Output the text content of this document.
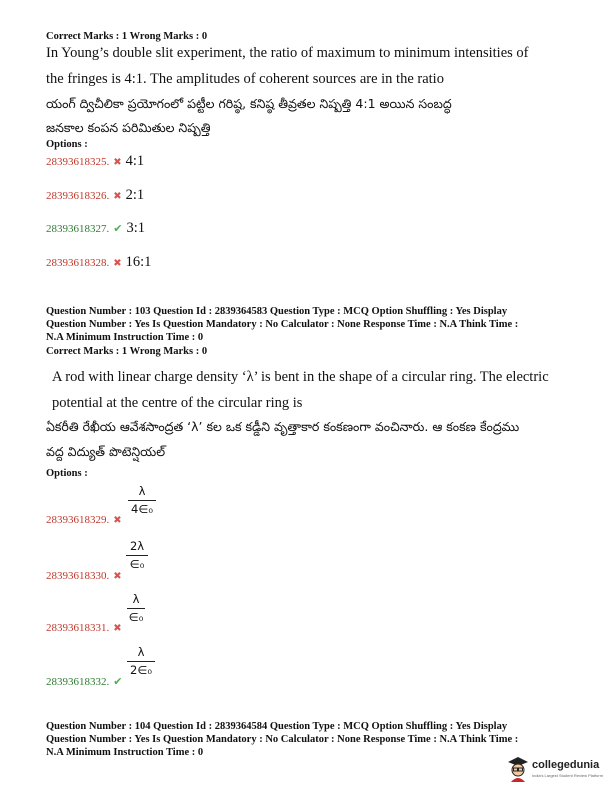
Correct Marks : 1 Wrong Marks : 0
In Young’s double slit experiment, the ratio of maximum to minimum intensities of
the fringes is 4:1. The amplitudes of coherent sources are in the ratio
యంగ్ ద్విచీలికా ప్రయోగంలో పట్టీల గరిష్ఠ, కనిష్ఠ తీవ్రతల నిష్పత్తి 4:1 అయిన సంబద్ధ
జనకాల కంపన పరిమితుల నిష్పత్తి
Options :
28393618325. ✖ 4:1
28393618326. ✖ 2:1
28393618327. ✔ 3:1
28393618328. ✖ 16:1
Question Number : 103 Question Id : 2839364583 Question Type : MCQ Option Shuffling : Yes Display
Question Number : Yes Is Question Mandatory : No Calculator : None Response Time : N.A Think Time :
N.A Minimum Instruction Time : 0
Correct Marks : 1 Wrong Marks : 0
A rod with linear charge density ‘λ’ is bent in the shape of a circular ring. The electric
potential at the centre of the circular ring is
ఏకరీతి రేఖీయ ఆవేశసాంద్రత ‘λ’ కల ఒక కడ్డీని వృత్తాకార కంకణంగా వంచినారు. ఆ కంకణ కేంద్రము
వద్ద విద్యుత్ పొటెన్షియల్
Options :
28393618329. ✖
λ
4∈₀
28393618330. ✖
2λ
∈₀
28393618331. ✖
λ
∈₀
28393618332. ✔
λ
2∈₀
Question Number : 104 Question Id : 2839364584 Question Type : MCQ Option Shuffling : Yes Display
Question Number : Yes Is Question Mandatory : No Calculator : None Response Time : N.A Think Time :
N.A Minimum Instruction Time : 0
collegedunia
India's Largest Student Review Platform
